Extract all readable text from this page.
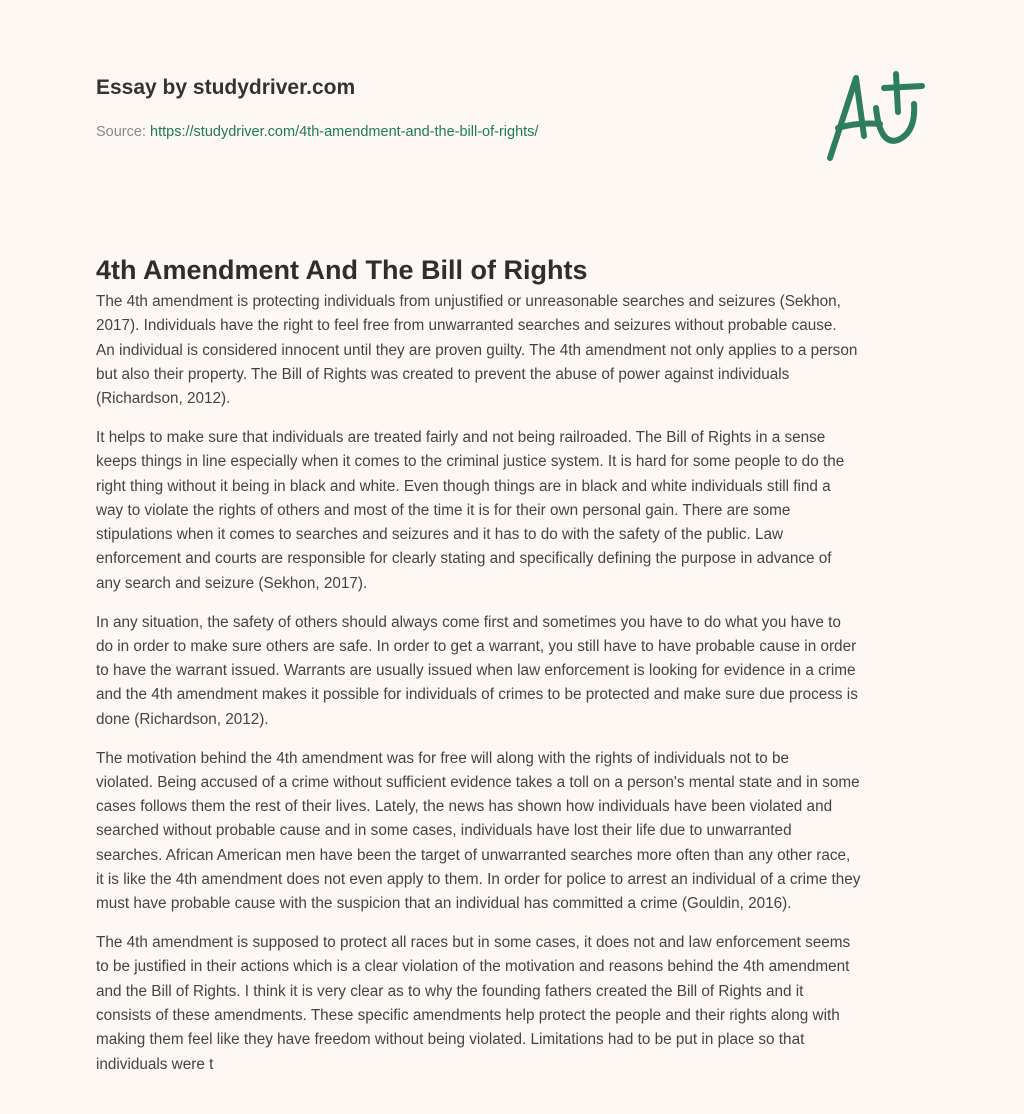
Essay by studydriver.com
Source: https://studydriver.com/4th-amendment-and-the-bill-of-rights/
4th Amendment And The Bill of Rights

The 4th amendment is protecting individuals from unjustified or unreasonable searches and seizures (Sekhon,
2017). Individuals have the right to feel free from unwarranted searches and seizures without probable cause.
An individual is considered innocent until they are proven guilty. The 4th amendment not only applies to a person
but also their property. The Bill of Rights was created to prevent the abuse of power against individuals
(Richardson, 2012).

It helps to make sure that individuals are treated fairly and not being railroaded. The Bill of Rights in a sense
keeps things in line especially when it comes to the criminal justice system. It is hard for some people to do the
right thing without it being in black and white. Even though things are in black and white individuals still find a
way to violate the rights of others and most of the time it is for their own personal gain. There are some
stipulations when it comes to searches and seizures and it has to do with the safety of the public. Law
enforcement and courts are responsible for clearly stating and specifically defining the purpose in advance of
any search and seizure (Sekhon, 2017).

In any situation, the safety of others should always come first and sometimes you have to do what you have to
do in order to make sure others are safe. In order to get a warrant, you still have to have probable cause in order
to have the warrant issued. Warrants are usually issued when law enforcement is looking for evidence in a crime
and the 4th amendment makes it possible for individuals of crimes to be protected and make sure due process is
done (Richardson, 2012).

The motivation behind the 4th amendment was for free will along with the rights of individuals not to be
violated. Being accused of a crime without sufficient evidence takes a toll on a person's mental state and in some
cases follows them the rest of their lives. Lately, the news has shown how individuals have been violated and
searched without probable cause and in some cases, individuals have lost their life due to unwarranted
searches. African American men have been the target of unwarranted searches more often than any other race,
it is like the 4th amendment does not even apply to them. In order for police to arrest an individual of a crime they
must have probable cause with the suspicion that an individual has committed a crime (Gouldin, 2016).

The 4th amendment is supposed to protect all races but in some cases, it does not and law enforcement seems
to be justified in their actions which is a clear violation of the motivation and reasons behind the 4th amendment
and the Bill of Rights. I think it is very clear as to why the founding fathers created the Bill of Rights and it
consists of these amendments. These specific amendments help protect the people and their rights along with
making them feel like they have freedom without being violated. Limitations had to be put in place so that
individuals were t
